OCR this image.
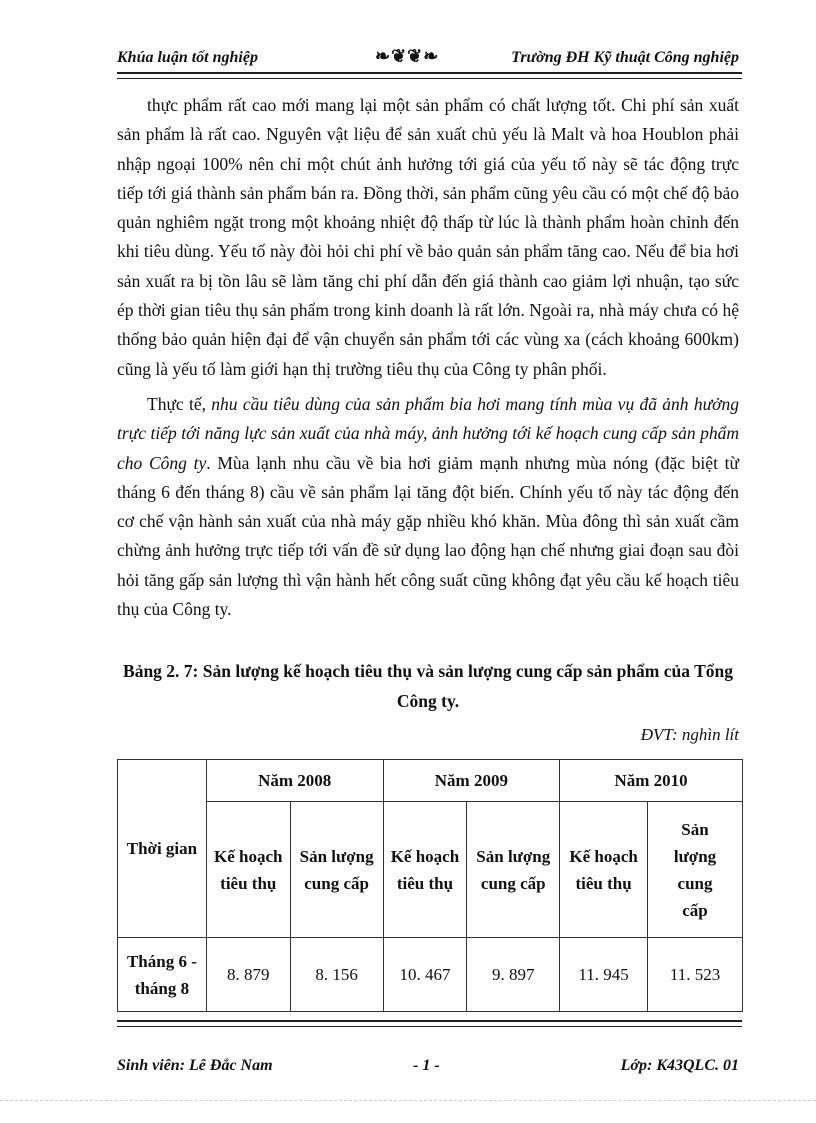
Khúa luận tốt nghiệp	❧❦❦❧	Trường ĐH Kỹ thuật Công nghiệp

thực phẩm rất cao mới mang lại một sản phẩm có chất lượng tốt. Chi phí sản xuất sản phẩm là rất cao. Nguyên vật liệu để sản xuất chủ yếu là Malt và hoa Houblon phải nhập ngoại 100% nên chỉ một chút ảnh hưởng tới giá của yếu tố này sẽ tác động trực tiếp tới giá thành sản phẩm bán ra. Đồng thời, sản phẩm cũng yêu cầu có một chế độ bảo quản nghiêm ngặt trong một khoảng nhiệt độ thấp từ lúc là thành phẩm hoàn chỉnh đến khi tiêu dùng. Yếu tố này đòi hỏi chi phí về bảo quản sản phẩm tăng cao. Nếu để bia hơi sản xuất ra bị tồn lâu sẽ làm tăng chi phí dẫn đến giá thành cao giảm lợi nhuận, tạo sức ép thời gian tiêu thụ sản phẩm trong kinh doanh là rất lớn. Ngoài ra, nhà máy chưa có hệ thống bảo quản hiện đại để vận chuyển sản phẩm tới các vùng xa (cách khoảng 600km) cũng là yếu tố làm giới hạn thị trường tiêu thụ của Công ty phân phối.

Thực tế, nhu cầu tiêu dùng của sản phẩm bia hơi mang tính mùa vụ đã ảnh hưởng trực tiếp tới năng lực sản xuất của nhà máy, ảnh hưởng tới kế hoạch cung cấp sản phẩm cho Công ty. Mùa lạnh nhu cầu về bia hơi giảm mạnh nhưng mùa nóng (đặc biệt từ tháng 6 đến tháng 8) cầu về sản phẩm lại tăng đột biến. Chính yếu tố này tác động đến cơ chế vận hành sản xuất của nhà máy gặp nhiều khó khăn. Mùa đông thì sản xuất cầm chừng ảnh hưởng trực tiếp tới vấn đề sử dụng lao động hạn chế nhưng giai đoạn sau đòi hỏi tăng gấp sản lượng thì vận hành hết công suất cũng không đạt yêu cầu kế hoạch tiêu thụ của Công ty.

Bảng 2. 7: Sản lượng kế hoạch tiêu thụ và sản lượng cung cấp sản phẩm của Tổng Công ty.
ĐVT: nghìn lít
Thời gian	Năm 2008		Năm 2009		Năm 2010	
	Kế hoạch tiêu thụ	Sản lượng cung cấp	Kế hoạch tiêu thụ	Sản lượng cung cấp	Kế hoạch tiêu thụ	Sản lượng cung cấp
Tháng 6 - tháng 8	8. 879	8. 156	10. 467	9. 897	11. 945	11. 523
Sinh viên: Lê Đắc Nam	- 1 -	Lớp: K43QLC. 01
